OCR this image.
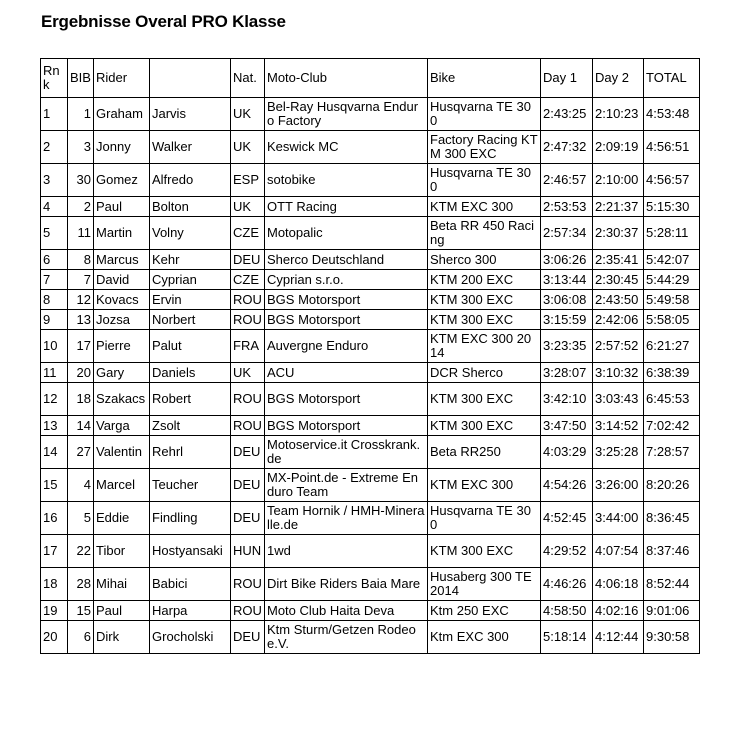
Ergebnisse Overal PRO Klasse
Rnk	BIB	Rider		Nat.	Moto-Club	Bike	Day 1	Day 2	TOTAL
1	1	Graham	Jarvis	UK	Bel-Ray Husqvarna Enduro Factory	Husqvarna TE 300	2:43:25	2:10:23	4:53:48
2	3	Jonny	Walker	UK	Keswick MC	Factory Racing KTM 300 EXC	2:47:32	2:09:19	4:56:51
3	30	Gomez	Alfredo	ESP	sotobike	Husqvarna TE 300	2:46:57	2:10:00	4:56:57
4	2	Paul	Bolton	UK	OTT Racing	KTM EXC 300	2:53:53	2:21:37	5:15:30
5	11	Martin	Volny	CZE	Motopalic	Beta RR 450 Racing	2:57:34	2:30:37	5:28:11
6	8	Marcus	Kehr	DEU	Sherco Deutschland	Sherco 300	3:06:26	2:35:41	5:42:07
7	7	David	Cyprian	CZE	Cyprian s.r.o.	KTM 200 EXC	3:13:44	2:30:45	5:44:29
8	12	Kovacs	Ervin	ROU	BGS Motorsport	KTM 300 EXC	3:06:08	2:43:50	5:49:58
9	13	Jozsa	Norbert	ROU	BGS Motorsport	KTM 300 EXC	3:15:59	2:42:06	5:58:05
10	17	Pierre	Palut	FRA	Auvergne Enduro	KTM EXC 300 2014	3:23:35	2:57:52	6:21:27
11	20	Gary	Daniels	UK	ACU	DCR Sherco	3:28:07	3:10:32	6:38:39
12	18	Szakacs	Robert	ROU	BGS Motorsport	KTM 300 EXC	3:42:10	3:03:43	6:45:53
13	14	Varga	Zsolt	ROU	BGS Motorsport	KTM 300 EXC	3:47:50	3:14:52	7:02:42
14	27	Valentin	Rehrl	DEU	Motoservice.it Crosskrank.de	Beta RR250	4:03:29	3:25:28	7:28:57
15	4	Marcel	Teucher	DEU	MX-Point.de - Extreme Enduro Team	KTM EXC 300	4:54:26	3:26:00	8:20:26
16	5	Eddie	Findling	DEU	Team Hornik / HMH-Mineralle.de	Husqvarna TE 300	4:52:45	3:44:00	8:36:45
17	22	Tibor	Hostyansaki	HUN	1wd	KTM 300 EXC	4:29:52	4:07:54	8:37:46
18	28	Mihai	Babici	ROU	Dirt Bike Riders Baia Mare	Husaberg 300 TE 2014	4:46:26	4:06:18	8:52:44
19	15	Paul	Harpa	ROU	Moto Club Haita Deva	Ktm 250 EXC	4:58:50	4:02:16	9:01:06
20	6	Dirk	Grocholski	DEU	Ktm Sturm/Getzen Rodeo e.V.	Ktm EXC 300	5:18:14	4:12:44	9:30:58
